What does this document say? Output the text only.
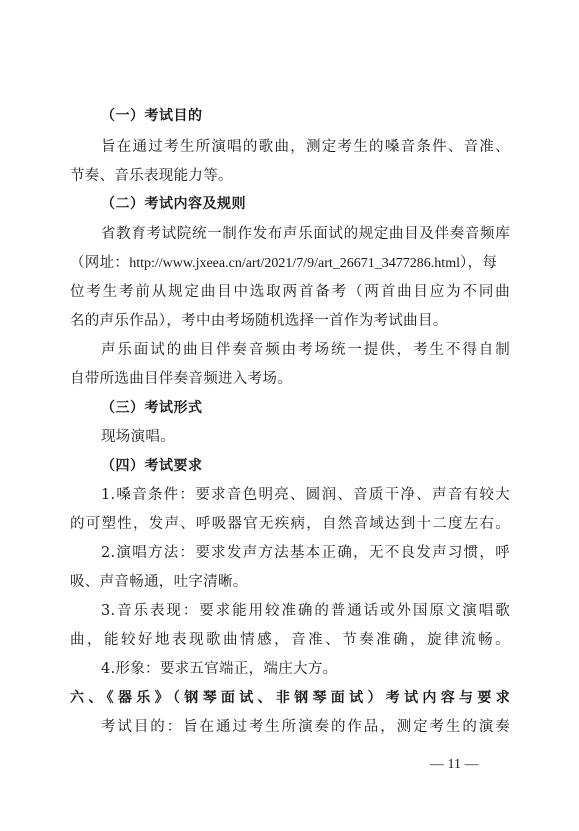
（一）考试目的
旨在通过考生所演唱的歌曲，测定考生的嗓音条件、音准、
节奏、音乐表现能力等。
（二）考试内容及规则
省教育考试院统一制作发布声乐面试的规定曲目及伴奏音频库
（网址：http://www.jxeea.cn/art/2021/7/9/art_26671_3477286.html），每
位考生考前从规定曲目中选取两首备考（两首曲目应为不同曲
名的声乐作品），考中由考场随机选择一首作为考试曲目。
声乐面试的曲目伴奏音频由考场统一提供，考生不得自制
自带所选曲目伴奏音频进入考场。
（三）考试形式
现场演唱。
（四）考试要求
1.嗓音条件：要求音色明亮、圆润、音质干净、声音有较大
的可塑性，发声、呼吸器官无疾病，自然音域达到十二度左右。
2.演唱方法：要求发声方法基本正确，无不良发声习惯，呼
吸、声音畅通，吐字清晰。
3.音乐表现：要求能用较准确的普通话或外国原文演唱歌
曲，能较好地表现歌曲情感，音准、节奏准确，旋律流畅。
4.形象：要求五官端正，端庄大方。
六、《器乐》（钢琴面试、非钢琴面试）考试内容与要求
考试目的：旨在通过考生所演奏的作品，测定考生的演奏
— 11 —
